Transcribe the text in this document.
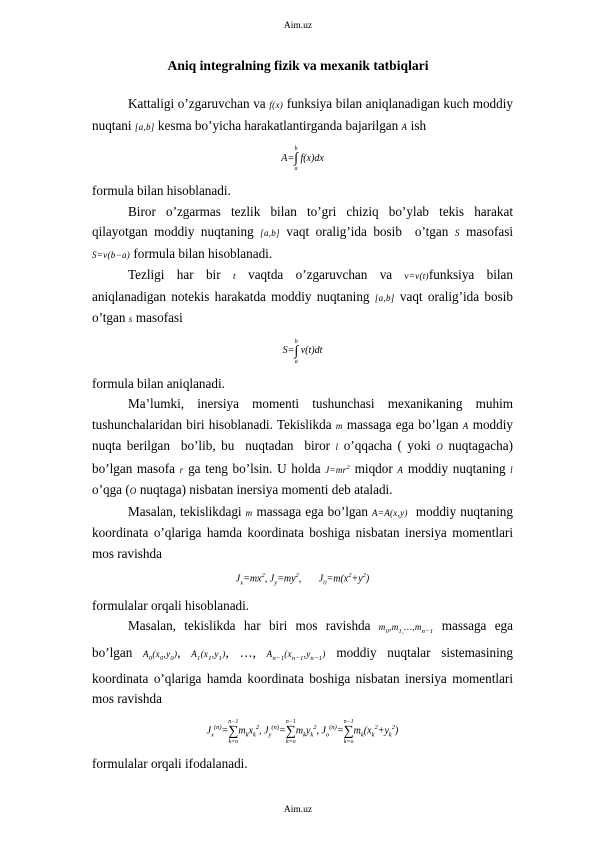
Aim.uz
Aniq integralning fizik va mexanik tatbiqlari

Kattaligi o’zgaruvchan va f(x) funksiya bilan aniqlanadigan kuch moddiy nuqtani [a,b] kesma bo’yicha harakatlantirganda bajarilgan A ish

A=
b
∫
a
f(x)dx

formula bilan hisoblanadi.

Biror o’zgarmas tezlik bilan to’gri chiziq bo’ylab tekis harakat qilayotgan moddiy nuqtaning [a,b] vaqt oralig’ida bosib  o’tgan S masofasi S=v(b−a) formula bilan hisoblanadi.

Tezligi har bir t vaqtda o’zgaruvchan va v=v(t)funksiya bilan aniqlanadigan notekis harakatda moddiy nuqtaning [a,b] vaqt oralig’ida bosib o’tgan s masofasi

S=
b
∫
a
v(t)dt

formula bilan aniqlanadi.

Ma’lumki, inersiya momenti tushunchasi mexanikaning muhim tushunchalaridan biri hisoblanadi. Tekislikda m massaga ega bo’lgan A moddiy nuqta berilgan  bo’lib, bu  nuqtadan  biror l o’qqacha ( yoki O nuqtagacha) bo’lgan masofa r ga teng bo’lsin. U holda $J=mr^2$ miqdor A moddiy nuqtaning l o’qga (O nuqtaga) nisbatan inersiya momenti deb ataladi.

Masalan, tekislikdagi m massaga ega bo’lgan A=A(x,y)  moddiy nuqtaning koordinata o’qlariga hamda koordinata boshiga nisbatan inersiya momentlari mos ravishda

$J_x=mx^2$, $J_y=my^2$,       $J_0=m(x^2+y^2)$

formulalar orqali hisoblanadi.

Masalan, tekislikda har biri mos ravishda $m_0,m_{1,}\dots,m_{n-1}$ massaga ega bo’lgan $A_0(x_0,y_0)$, $A_1(x_1,y_1)$, …, $A_{n-1}(x_{n-1},y_{n-1})$ moddiy nuqtalar sistemasining koordinata o’qlariga hamda koordinata boshiga nisbatan inersiya momentlari mos ravishda

$J_x^{(n)}=$
n−1
∑
k=o
$m_kx_k^2$, $J_y^{(n)}=$
n−1
∑
k=o
$m_ky_k^2$, $J_o^{(n)}=$
n−1
∑
k=o
$m_k(x_k^2+y_k^2)$

formulalar orqali ifodalanadi.

Aim.uz
